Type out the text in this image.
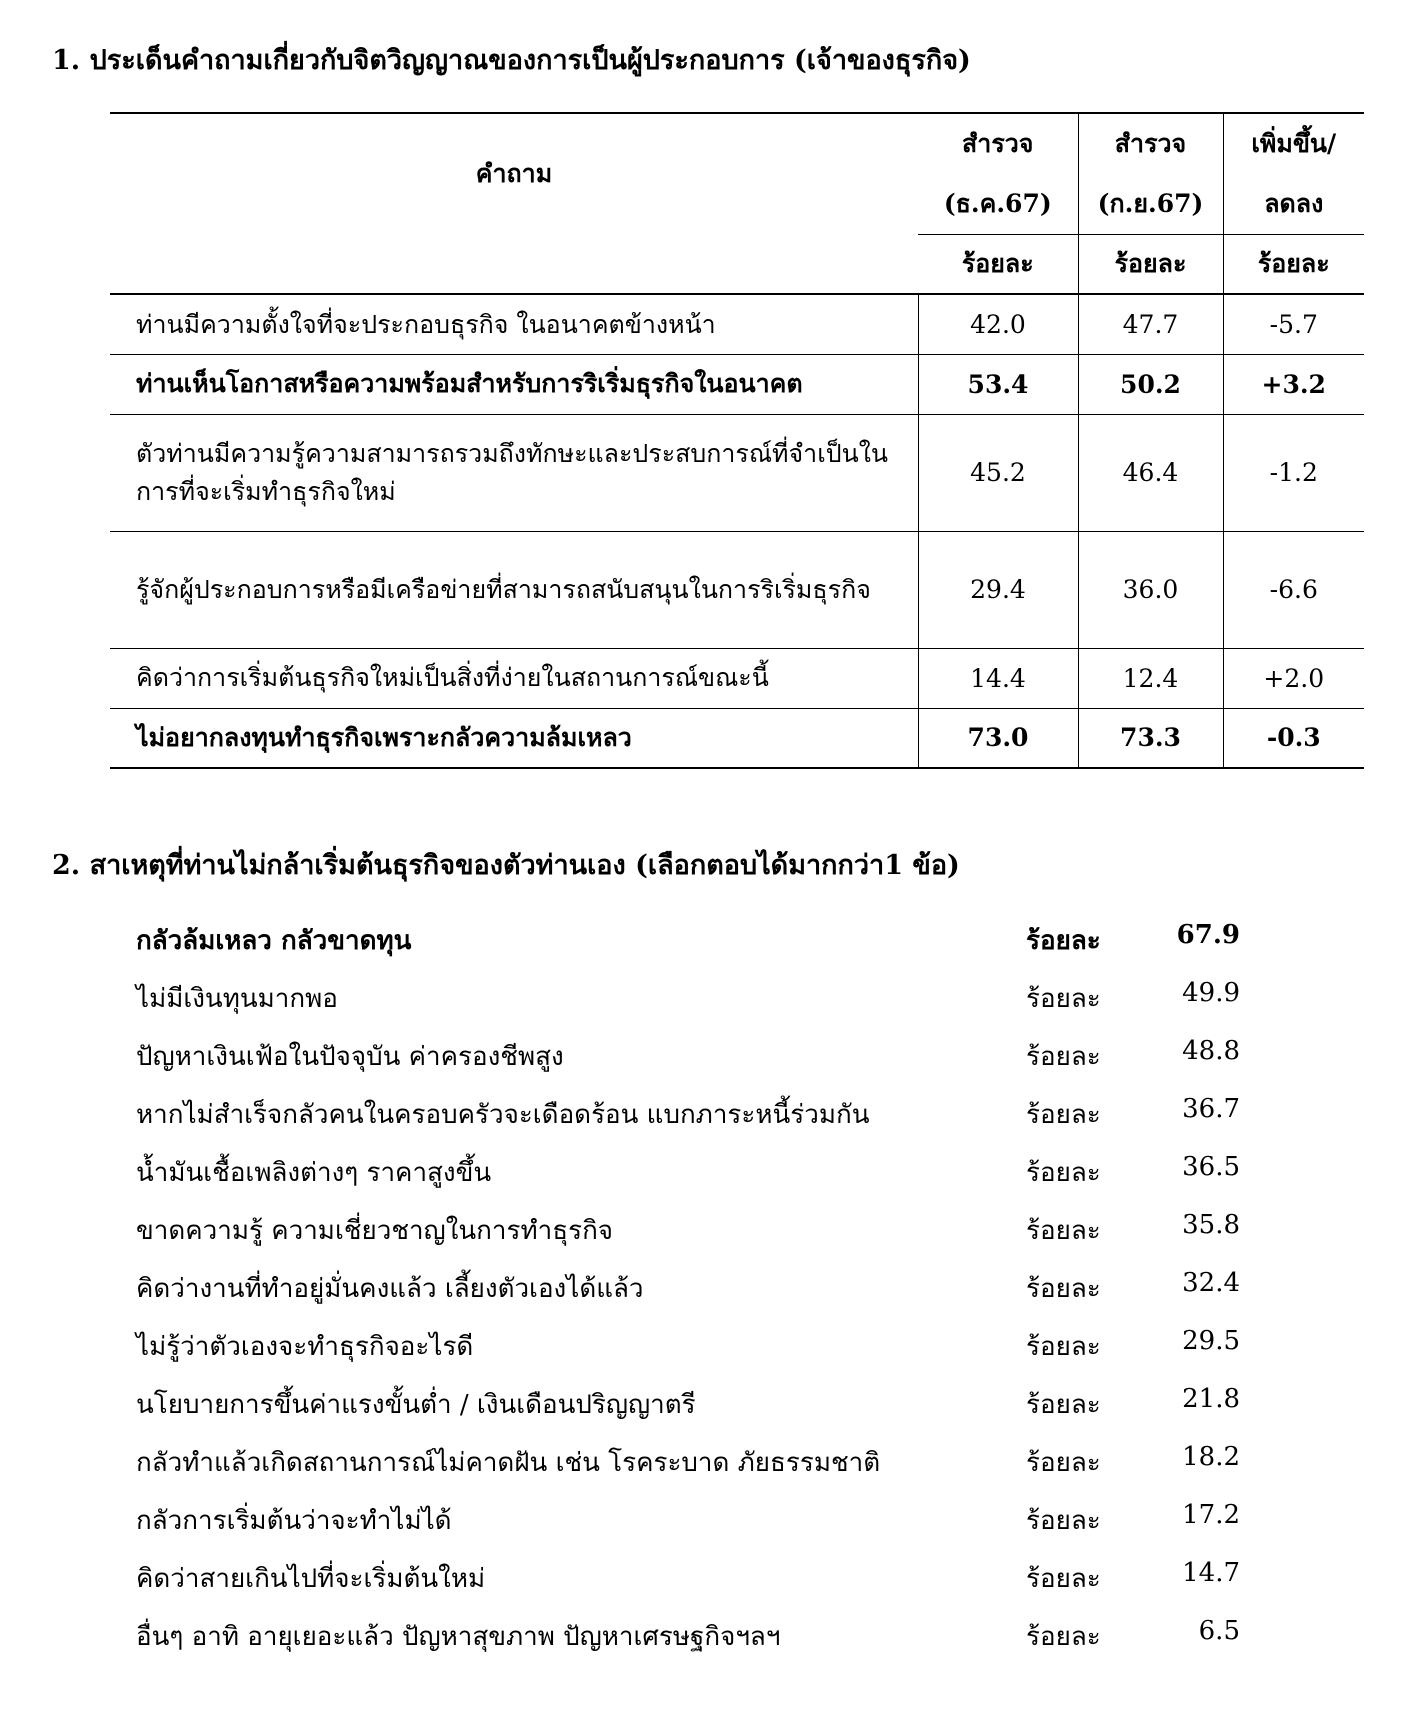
1. ประเด็นคำถามเกี่ยวกับจิตวิญญาณของการเป็นผู้ประกอบการ (เจ้าของธุรกิจ)
คำถาม	สำรวจ	สำรวจ	เพิ่มขึ้น/
	(ธ.ค.67)	(ก.ย.67)	ลดลง
	ร้อยละ	ร้อยละ	ร้อยละ
ท่านมีความตั้งใจที่จะประกอบธุรกิจ ในอนาคตข้างหน้า	42.0	47.7	-5.7
ท่านเห็นโอกาสหรือความพร้อมสำหรับการริเริ่มธุรกิจในอนาคต	53.4	50.2	+3.2
ตัวท่านมีความรู้ความสามารถรวมถึงทักษะและประสบการณ์ที่จำเป็นในการที่จะเริ่มทำธุรกิจใหม่	45.2	46.4	-1.2
รู้จักผู้ประกอบการหรือมีเครือข่ายที่สามารถสนับสนุนในการริเริ่มธุรกิจ	29.4	36.0	-6.6
คิดว่าการเริ่มต้นธุรกิจใหม่เป็นสิ่งที่ง่ายในสถานการณ์ขณะนี้	14.4	12.4	+2.0
ไม่อยากลงทุนทำธุรกิจเพราะกลัวความล้มเหลว	73.0	73.3	-0.3
2. สาเหตุที่ท่านไม่กล้าเริ่มต้นธุรกิจของตัวท่านเอง (เลือกตอบได้มากกว่า1 ข้อ)
กลัวล้มเหลว กลัวขาดทุน	ร้อยละ	67.9
ไม่มีเงินทุนมากพอ	ร้อยละ	49.9
ปัญหาเงินเฟ้อในปัจจุบัน ค่าครองชีพสูง	ร้อยละ	48.8
หากไม่สำเร็จกลัวคนในครอบครัวจะเดือดร้อน แบกภาระหนี้ร่วมกัน	ร้อยละ	36.7
น้ำมันเชื้อเพลิงต่างๆ ราคาสูงขึ้น	ร้อยละ	36.5
ขาดความรู้ ความเชี่ยวชาญในการทำธุรกิจ	ร้อยละ	35.8
คิดว่างานที่ทำอยู่มั่นคงแล้ว เลี้ยงตัวเองได้แล้ว	ร้อยละ	32.4
ไม่รู้ว่าตัวเองจะทำธุรกิจอะไรดี	ร้อยละ	29.5
นโยบายการขึ้นค่าแรงขั้นต่ำ / เงินเดือนปริญญาตรี	ร้อยละ	21.8
กลัวทำแล้วเกิดสถานการณ์ไม่คาดฝัน เช่น โรคระบาด ภัยธรรมชาติ	ร้อยละ	18.2
กลัวการเริ่มต้นว่าจะทำไม่ได้	ร้อยละ	17.2
คิดว่าสายเกินไปที่จะเริ่มต้นใหม่	ร้อยละ	14.7
อื่นๆ อาทิ อายุเยอะแล้ว ปัญหาสุขภาพ ปัญหาเศรษฐกิจฯลฯ	ร้อยละ	6.5
